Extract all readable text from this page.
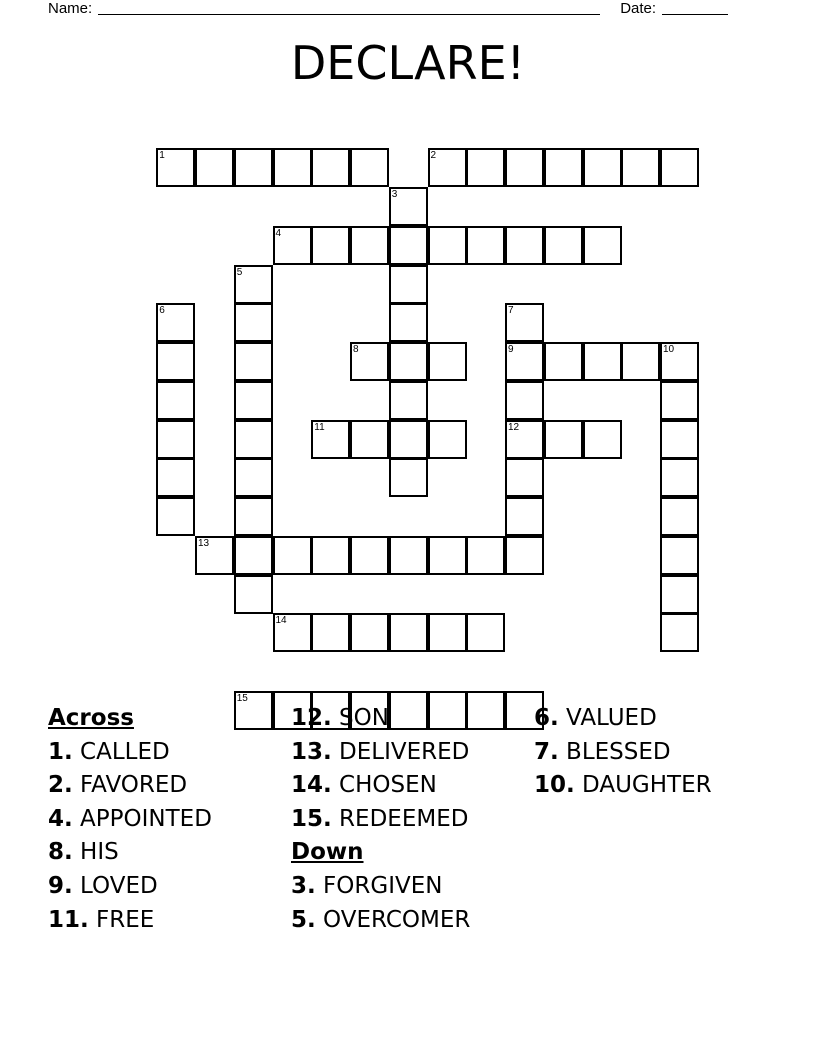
Name:	Date:
DECLARE!
1	2
3
4
5
6	7
8	9	10
11	12
13
14
15
Across
1. CALLED
2. FAVORED
4. APPOINTED
8. HIS
9. LOVED
11. FREE
12. SON
13. DELIVERED
14. CHOSEN
15. REDEEMED
Down
3. FORGIVEN
5. OVERCOMER
6. VALUED
7. BLESSED
10. DAUGHTER
